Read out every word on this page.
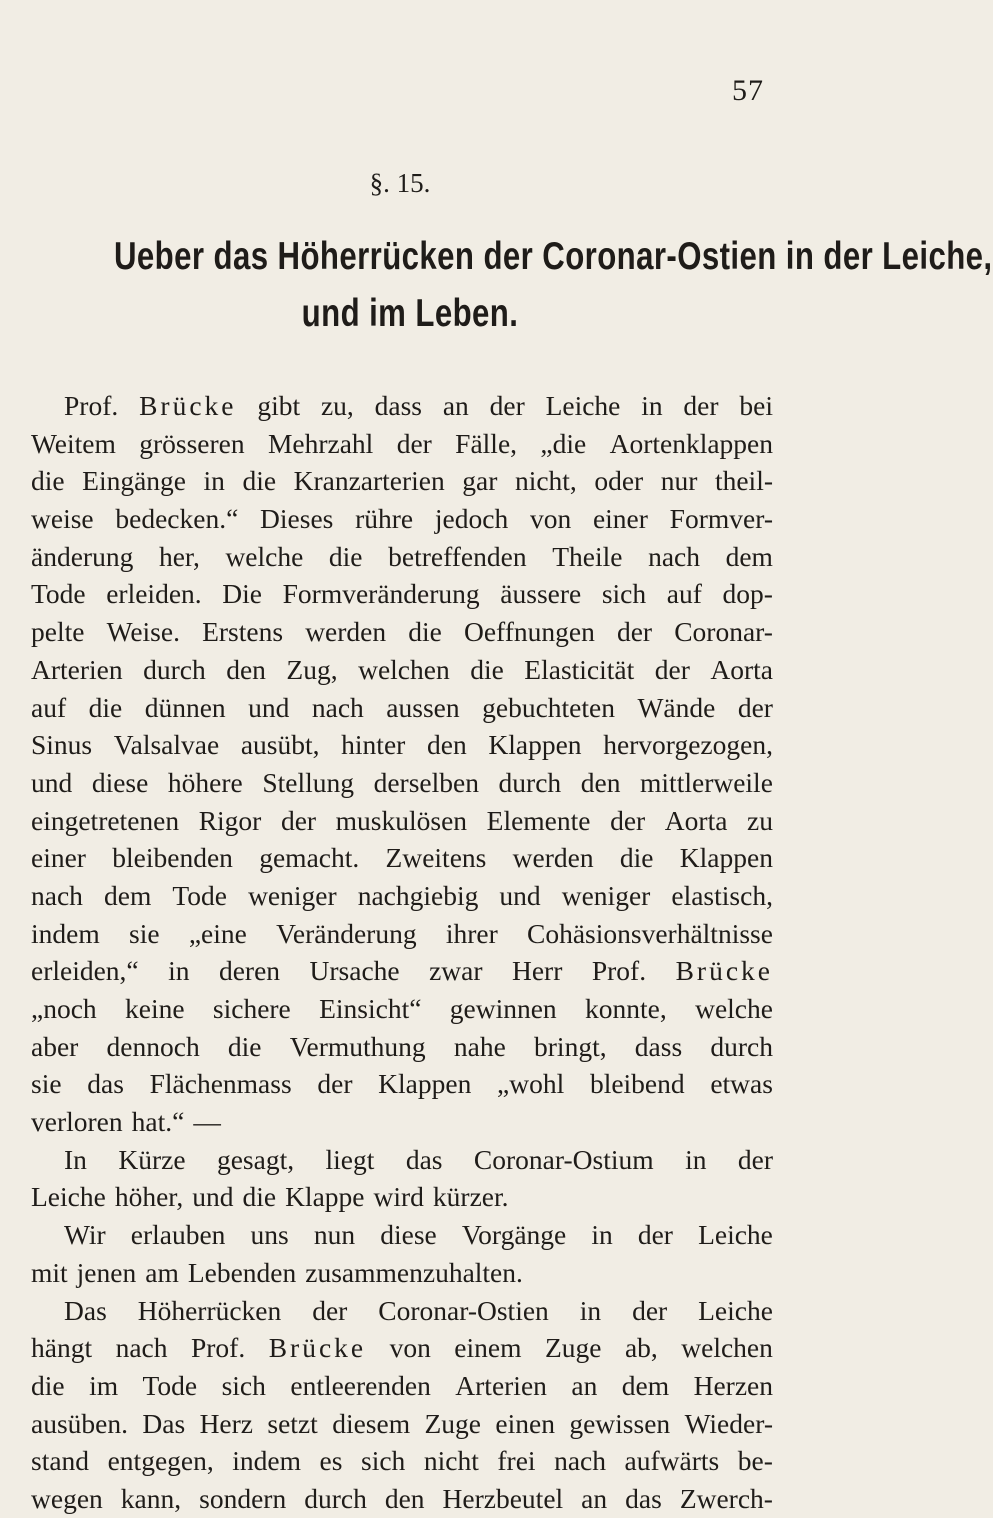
57
§. 15.
Ueber das Höherrücken der Coronar-Ostien in der Leiche,
und im Leben.
Prof. Brücke gibt zu, dass an der Leiche in der bei
Weitem grösseren Mehrzahl der Fälle, „die Aortenklappen
die Eingänge in die Kranzarterien gar nicht, oder nur theil-
weise bedecken.“ Dieses rühre jedoch von einer Formver-
änderung her, welche die betreffenden Theile nach dem
Tode erleiden. Die Formveränderung äussere sich auf dop-
pelte Weise. Erstens werden die Oeffnungen der Coronar-
Arterien durch den Zug, welchen die Elasticität der Aorta
auf die dünnen und nach aussen gebuchteten Wände der
Sinus Valsalvae ausübt, hinter den Klappen hervorgezogen,
und diese höhere Stellung derselben durch den mittlerweile
eingetretenen Rigor der muskulösen Elemente der Aorta zu
einer bleibenden gemacht. Zweitens werden die Klappen
nach dem Tode weniger nachgiebig und weniger elastisch,
indem sie „eine Veränderung ihrer Cohäsionsverhältnisse
erleiden,“ in deren Ursache zwar Herr Prof. Brücke
„noch keine sichere Einsicht“ gewinnen konnte, welche
aber dennoch die Vermuthung nahe bringt, dass durch
sie das Flächenmass der Klappen „wohl bleibend etwas
verloren hat.“ —
In Kürze gesagt, liegt das Coronar-Ostium in der
Leiche höher, und die Klappe wird kürzer.
Wir erlauben uns nun diese Vorgänge in der Leiche
mit jenen am Lebenden zusammenzuhalten.
Das Höherrücken der Coronar-Ostien in der Leiche
hängt nach Prof. Brücke von einem Zuge ab, welchen
die im Tode sich entleerenden Arterien an dem Herzen
ausüben. Das Herz setzt diesem Zuge einen gewissen Wieder-
stand entgegen, indem es sich nicht frei nach aufwärts be-
wegen kann, sondern durch den Herzbeutel an das Zwerch-
